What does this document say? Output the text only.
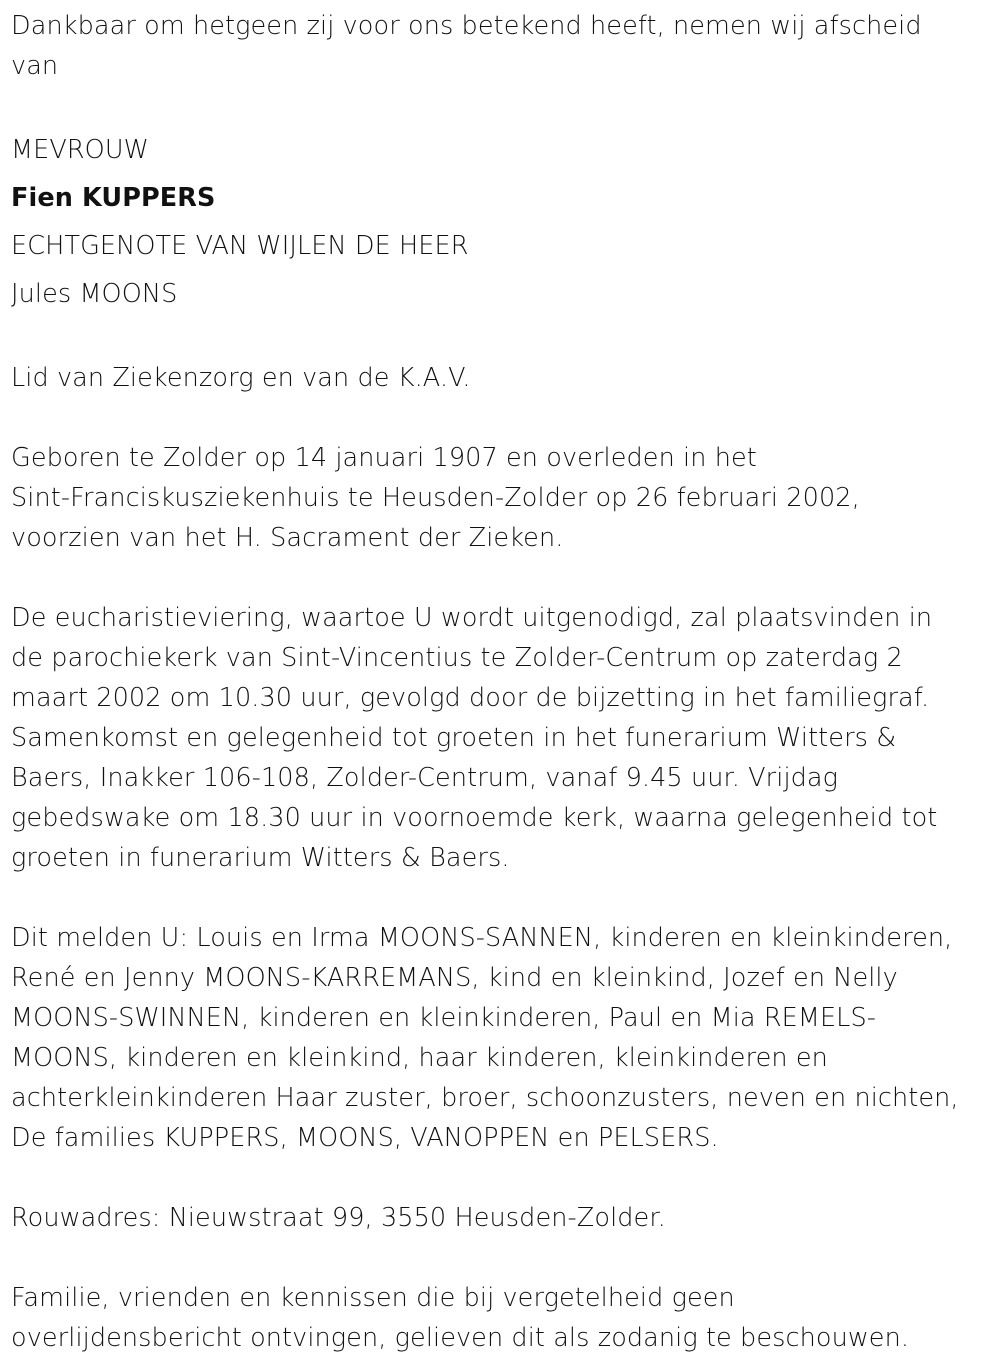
Dankbaar om hetgeen zij voor ons betekend heeft, nemen wij afscheid
van
MEVROUW
Fien KUPPERS
ECHTGENOTE VAN WIJLEN DE HEER
Jules MOONS
Lid van Ziekenzorg en van de K.A.V.
Geboren te Zolder op 14 januari 1907 en overleden in het
Sint-Franciskusziekenhuis te Heusden-Zolder op 26 februari 2002,
voorzien van het H. Sacrament der Zieken.
De eucharistieviering, waartoe U wordt uitgenodigd, zal plaatsvinden in
de parochiekerk van Sint-Vincentius te Zolder-Centrum op zaterdag 2
maart 2002 om 10.30 uur, gevolgd door de bijzetting in het familiegraf.
Samenkomst en gelegenheid tot groeten in het funerarium Witters &
Baers, Inakker 106-108, Zolder-Centrum, vanaf 9.45 uur. Vrijdag
gebedswake om 18.30 uur in voornoemde kerk, waarna gelegenheid tot
groeten in funerarium Witters & Baers.
Dit melden U: Louis en Irma MOONS-SANNEN, kinderen en kleinkinderen,
René en Jenny MOONS-KARREMANS, kind en kleinkind, Jozef en Nelly
MOONS-SWINNEN, kinderen en kleinkinderen, Paul en Mia REMELS-
MOONS, kinderen en kleinkind, haar kinderen, kleinkinderen en
achterkleinkinderen Haar zuster, broer, schoonzusters, neven en nichten,
De families KUPPERS, MOONS, VANOPPEN en PELSERS.
Rouwadres: Nieuwstraat 99, 3550 Heusden-Zolder.
Familie, vrienden en kennissen die bij vergetelheid geen
overlijdensbericht ontvingen, gelieven dit als zodanig te beschouwen.
